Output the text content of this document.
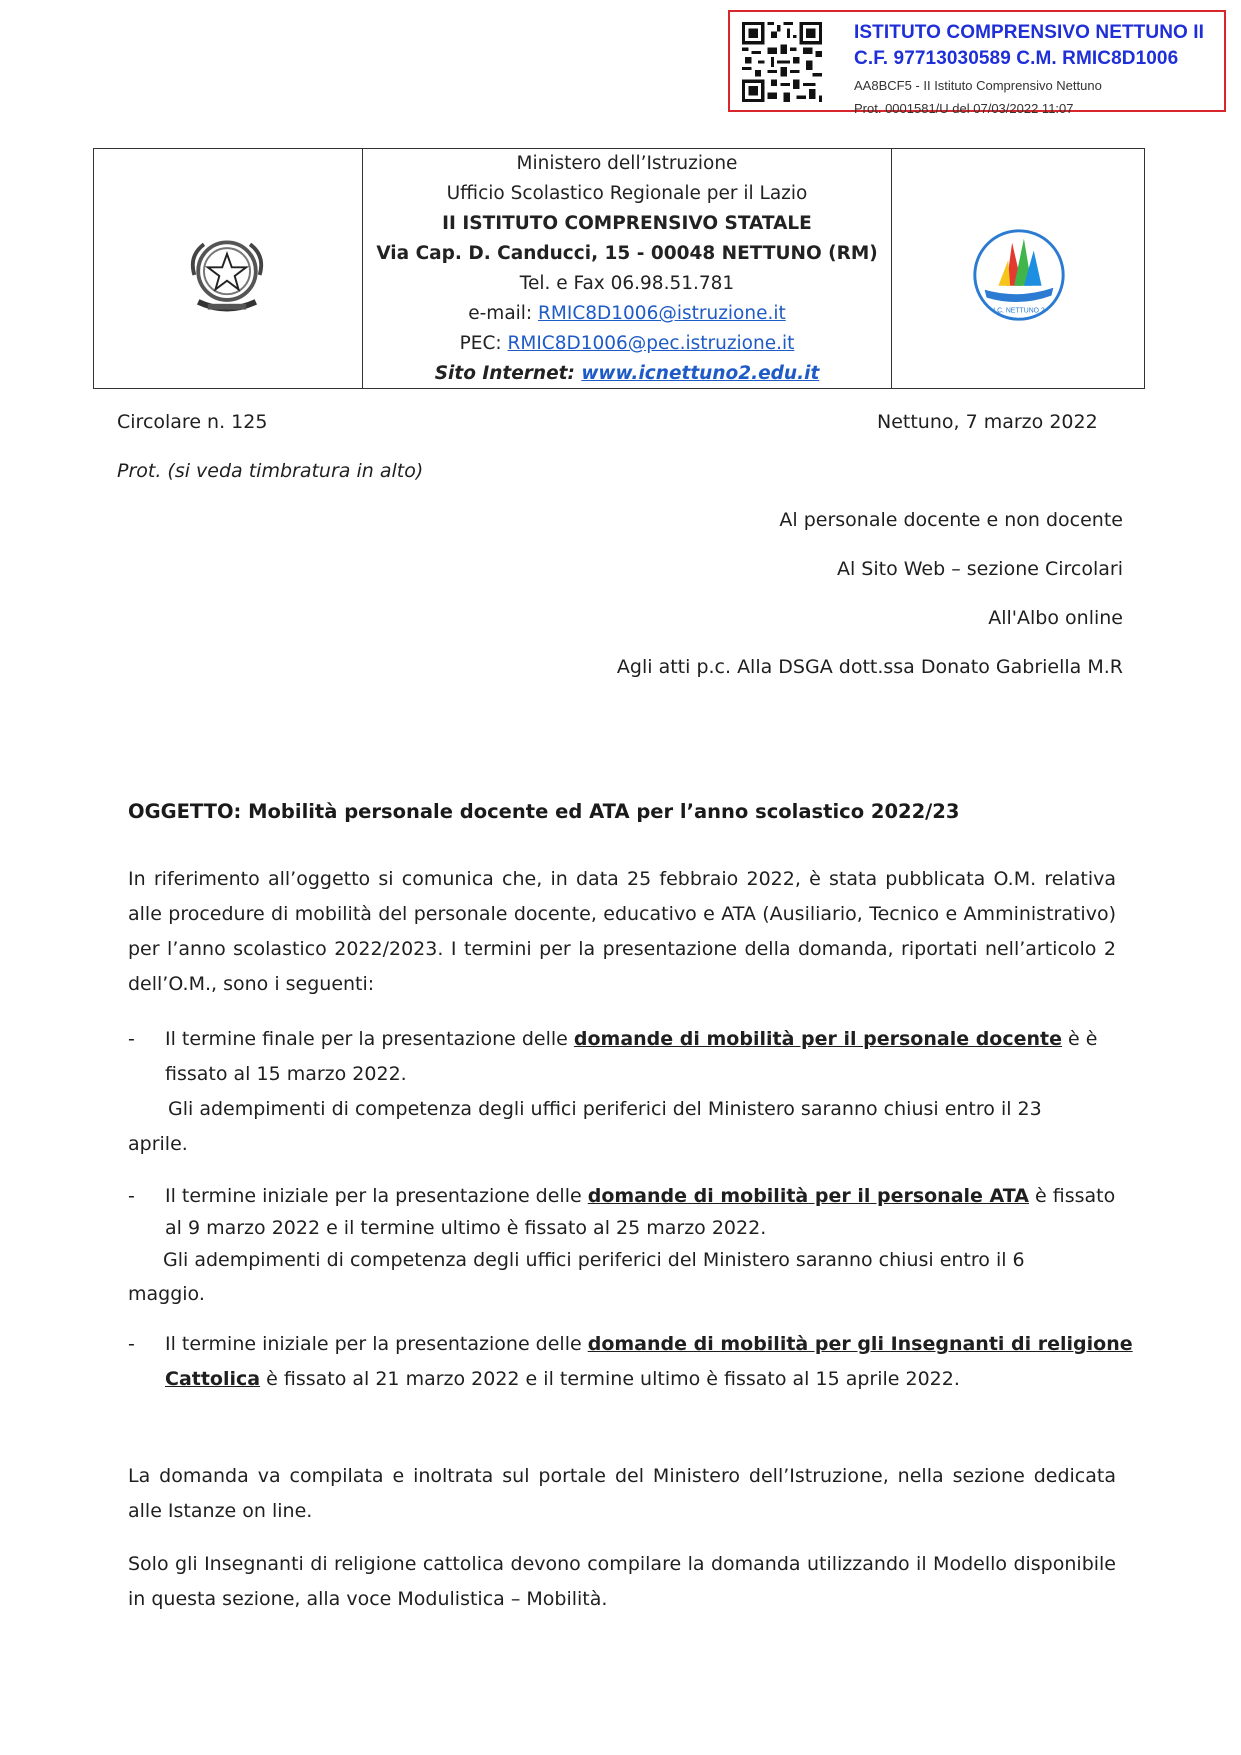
ISTITUTO COMPRENSIVO NETTUNO II
C.F. 97713030589 C.M. RMIC8D1006
AA8BCF5 - II Istituto Comprensivo Nettuno
Prot. 0001581/U del 07/03/2022 11:07
Ministero dell’Istruzione
Ufficio Scolastico Regionale per il Lazio
II ISTITUTO COMPRENSIVO STATALE
Via Cap. D. Canducci, 15 - 00048 NETTUNO (RM)
Tel. e Fax 06.98.51.781
e-mail: RMIC8D1006@istruzione.it
PEC: RMIC8D1006@pec.istruzione.it
Sito Internet: www.icnettuno2.edu.it
I.C. NETTUNO 2
Circolare n. 125	Nettuno, 7 marzo 2022
Prot. (si veda timbratura in alto)
Al personale docente e non docente
Al Sito Web – sezione Circolari
All'Albo online
Agli atti p.c. Alla DSGA dott.ssa Donato Gabriella M.R
OGGETTO: Mobilità personale docente ed ATA per l’anno scolastico 2022/23
In riferimento all’oggetto si comunica che, in data 25 febbraio 2022, è stata pubblicata O.M. relativa alle procedure di mobilità del personale docente, educativo e ATA (Ausiliario, Tecnico e Amministrativo) per l’anno scolastico 2022/2023. I termini per la presentazione della domanda, riportati nell’articolo 2 dell’O.M., sono i seguenti:
- Il termine finale per la presentazione delle domande di mobilità per il personale docente è è
fissato al 15 marzo 2022.
Gli adempimenti di competenza degli uffici periferici del Ministero saranno chiusi entro il 23
aprile.
- Il termine iniziale per la presentazione delle domande di mobilità per il personale ATA è fissato
al 9 marzo 2022 e il termine ultimo è fissato al 25 marzo 2022.
Gli adempimenti di competenza degli uffici periferici del Ministero saranno chiusi entro il 6
maggio.
- Il termine iniziale per la presentazione delle domande di mobilità per gli Insegnanti di religione
Cattolica è fissato al 21 marzo 2022 e il termine ultimo è fissato al 15 aprile 2022.
La domanda va compilata e inoltrata sul portale del Ministero dell’Istruzione, nella sezione dedicata alle Istanze on line.
Solo gli Insegnanti di religione cattolica devono compilare la domanda utilizzando il Modello disponibile in questa sezione, alla voce Modulistica – Mobilità.
